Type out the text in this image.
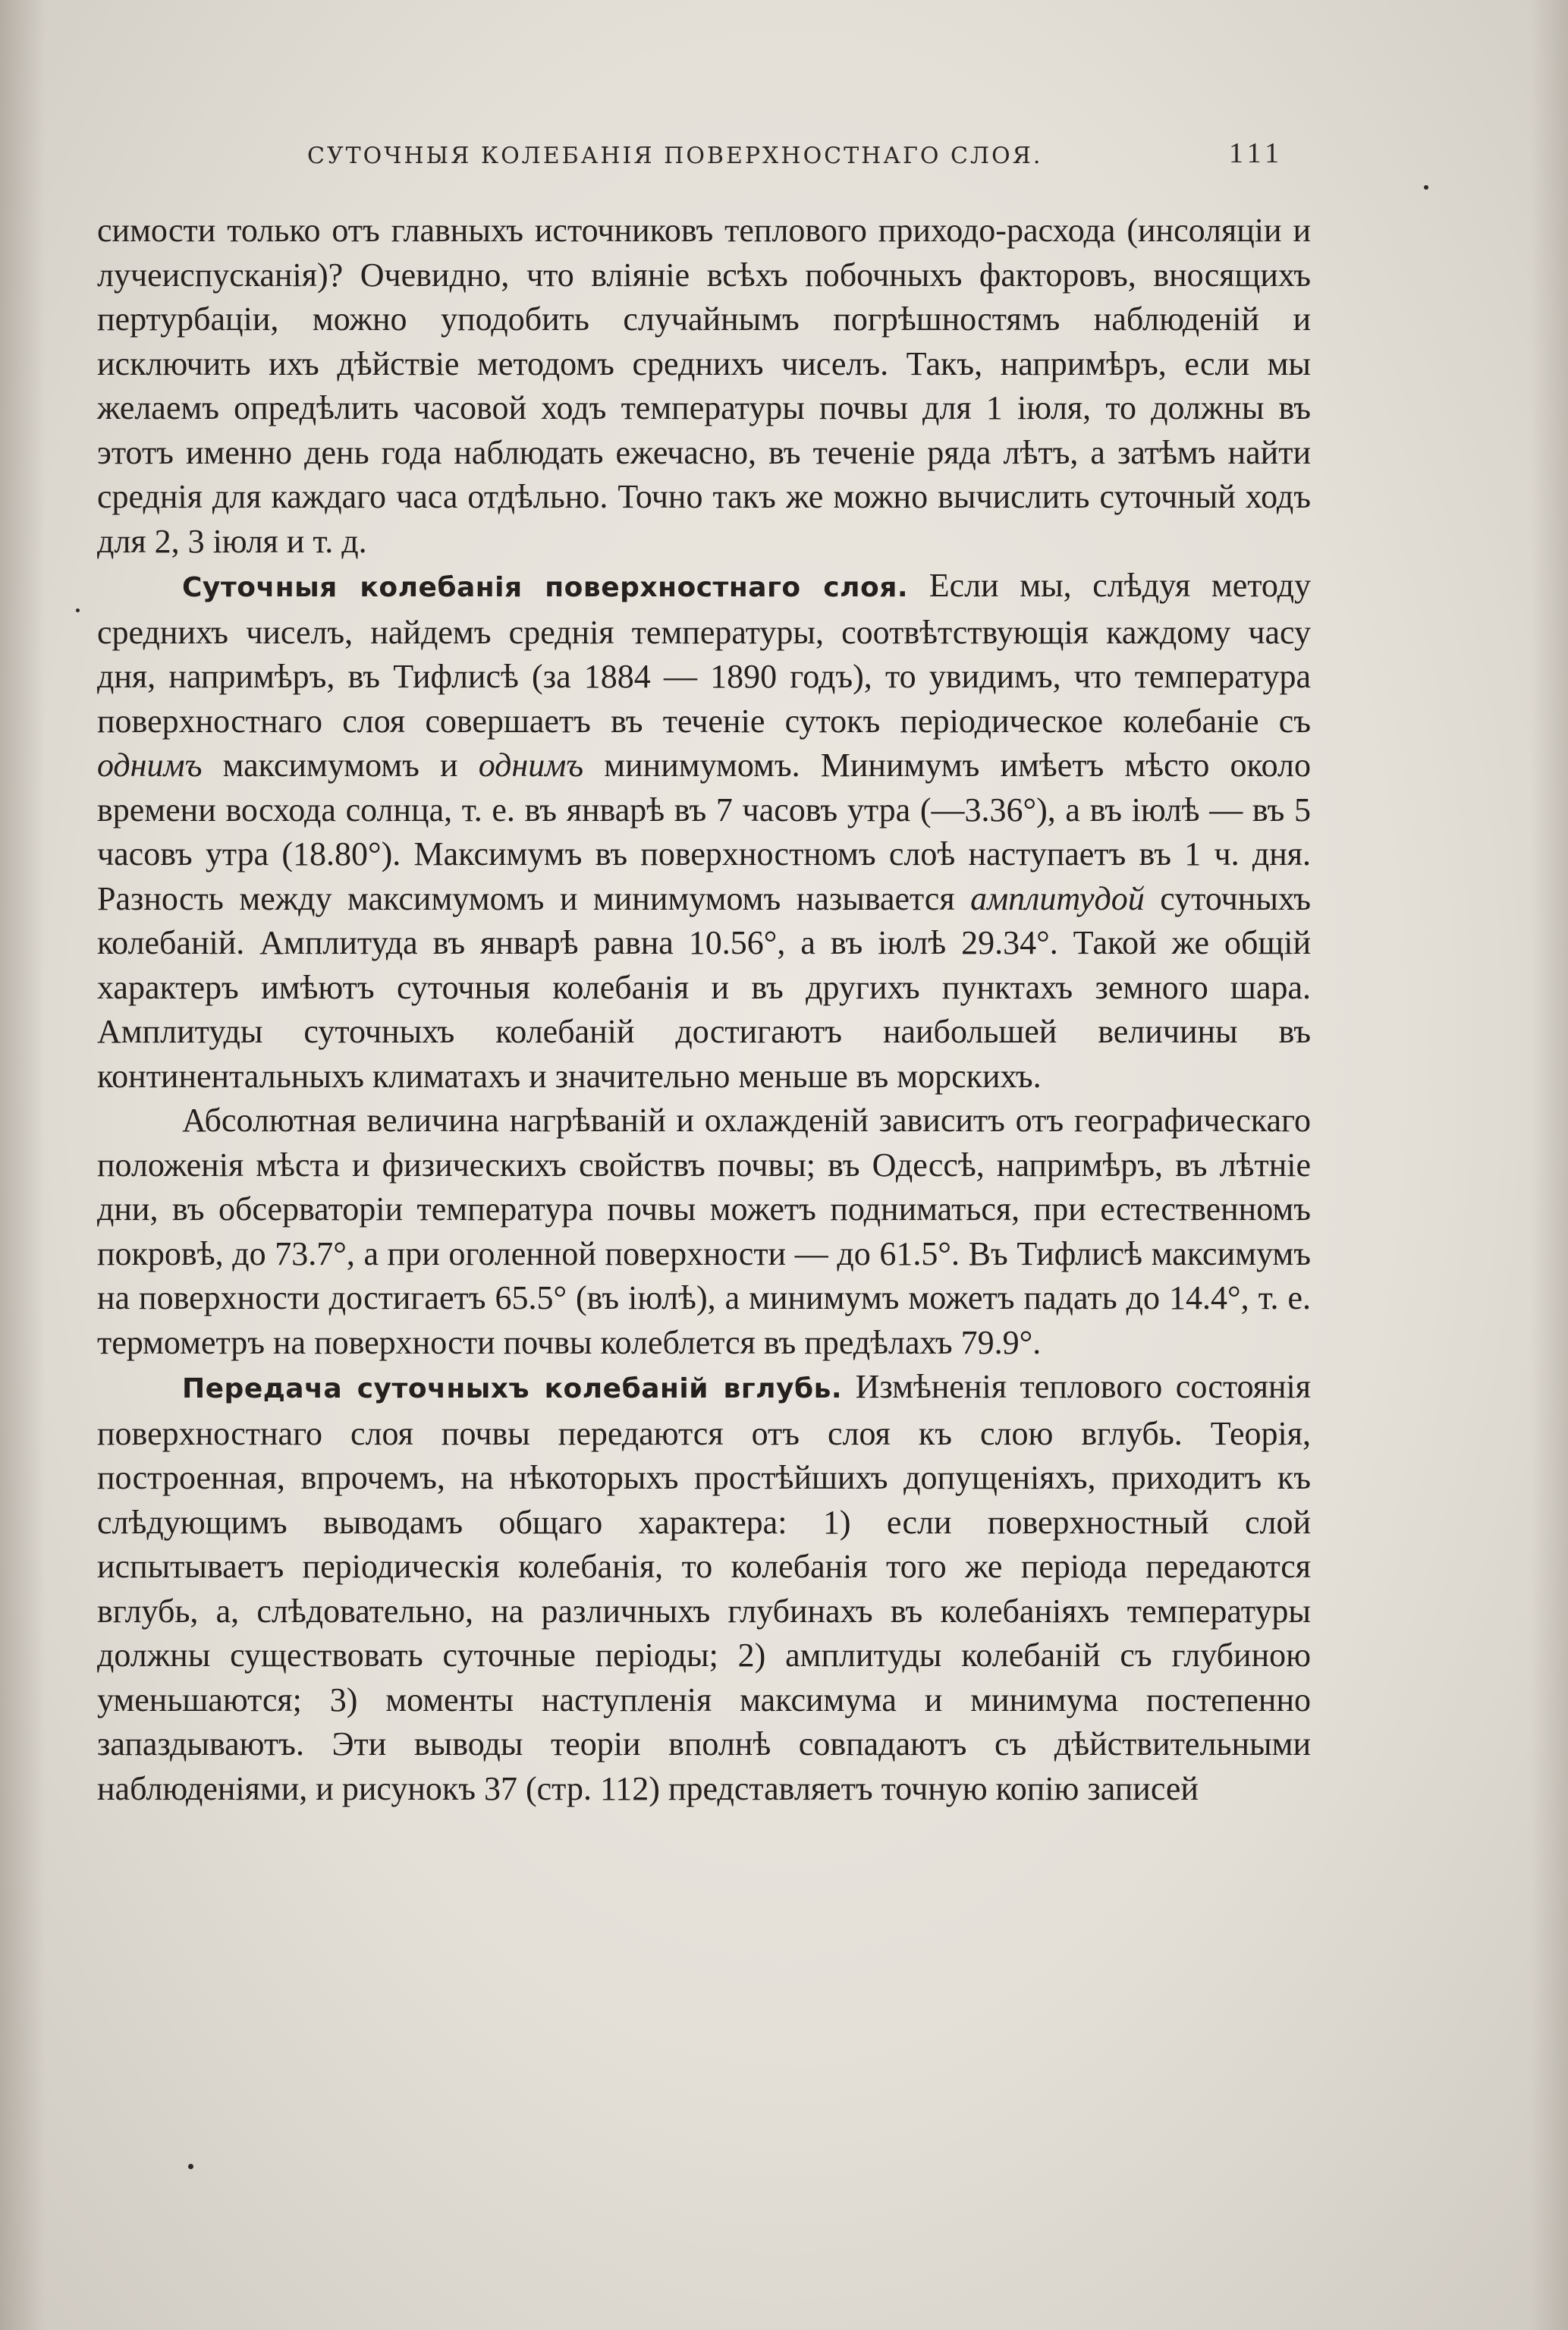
СУТОЧНЫЯ КОЛЕБАНІЯ ПОВЕРХНОСТНАГО СЛОЯ.	111

симости только отъ главныхъ источниковъ теплового приходо-расхода (инсоляціи и лучеиспусканія)? Очевидно, что вліяніе всѣхъ побочныхъ факторовъ, вносящихъ пертурбаціи, можно уподобить случайнымъ погрѣшностямъ наблюденій и исключить ихъ дѣйствіе методомъ среднихъ чиселъ. Такъ, напримѣръ, если мы желаемъ опредѣлить часовой ходъ температуры почвы для 1 іюля, то должны въ этотъ именно день года наблюдать ежечасно, въ теченіе ряда лѣтъ, а затѣмъ найти среднія для каждаго часа отдѣльно. Точно такъ же можно вычислить суточный ходъ для 2, 3 іюля и т. д.

Суточныя колебанія поверхностнаго слоя. Если мы, слѣдуя методу среднихъ чиселъ, найдемъ среднія температуры, соотвѣтствующія каждому часу дня, напримѣръ, въ Тифлисѣ (за 1884 — 1890 годъ), то увидимъ, что температура поверхностнаго слоя совершаетъ въ теченіе сутокъ періодическое колебаніе съ однимъ максимумомъ и однимъ минимумомъ. Минимумъ имѣетъ мѣсто около времени восхода солнца, т. е. въ январѣ въ 7 часовъ утра (—3.36°), а въ іюлѣ — въ 5 часовъ утра (18.80°). Максимумъ въ поверхностномъ слоѣ наступаетъ въ 1 ч. дня. Разность между максимумомъ и минимумомъ называется амплитудой суточныхъ колебаній. Амплитуда въ январѣ равна 10.56°, а въ іюлѣ 29.34°. Такой же общій характеръ имѣютъ суточныя колебанія и въ другихъ пунктахъ земного шара. Амплитуды суточныхъ колебаній достигаютъ наибольшей величины въ континентальныхъ климатахъ и значительно меньше въ морскихъ.

Абсолютная величина нагрѣваній и охлажденій зависитъ отъ географическаго положенія мѣста и физическихъ свойствъ почвы; въ Одессѣ, напримѣръ, въ лѣтніе дни, въ обсерваторіи температура почвы можетъ подниматься, при естественномъ покровѣ, до 73.7°, а при оголенной поверхности — до 61.5°. Въ Тифлисѣ максимумъ на поверхности достигаетъ 65.5° (въ іюлѣ), а минимумъ можетъ падать до 14.4°, т. е. термометръ на поверхности почвы колеблется въ предѣлахъ 79.9°.

Передача суточныхъ колебаній вглубь. Измѣненія теплового состоянія поверхностнаго слоя почвы передаются отъ слоя къ слою вглубь. Теорія, построенная, впрочемъ, на нѣкоторыхъ простѣйшихъ допущеніяхъ, приходитъ къ слѣдующимъ выводамъ общаго характера: 1) если поверхностный слой испытываетъ періодическія колебанія, то колебанія того же періода передаются вглубь, а, слѣдовательно, на различныхъ глубинахъ въ колебаніяхъ температуры должны существовать суточные періоды; 2) амплитуды колебаній съ глубиною уменьшаются; 3) моменты наступленія максимума и минимума постепенно запаздываютъ. Эти выводы теоріи вполнѣ совпадаютъ съ дѣйствительными наблюденіями, и рисунокъ 37 (стр. 112) представляетъ точную копію записей
